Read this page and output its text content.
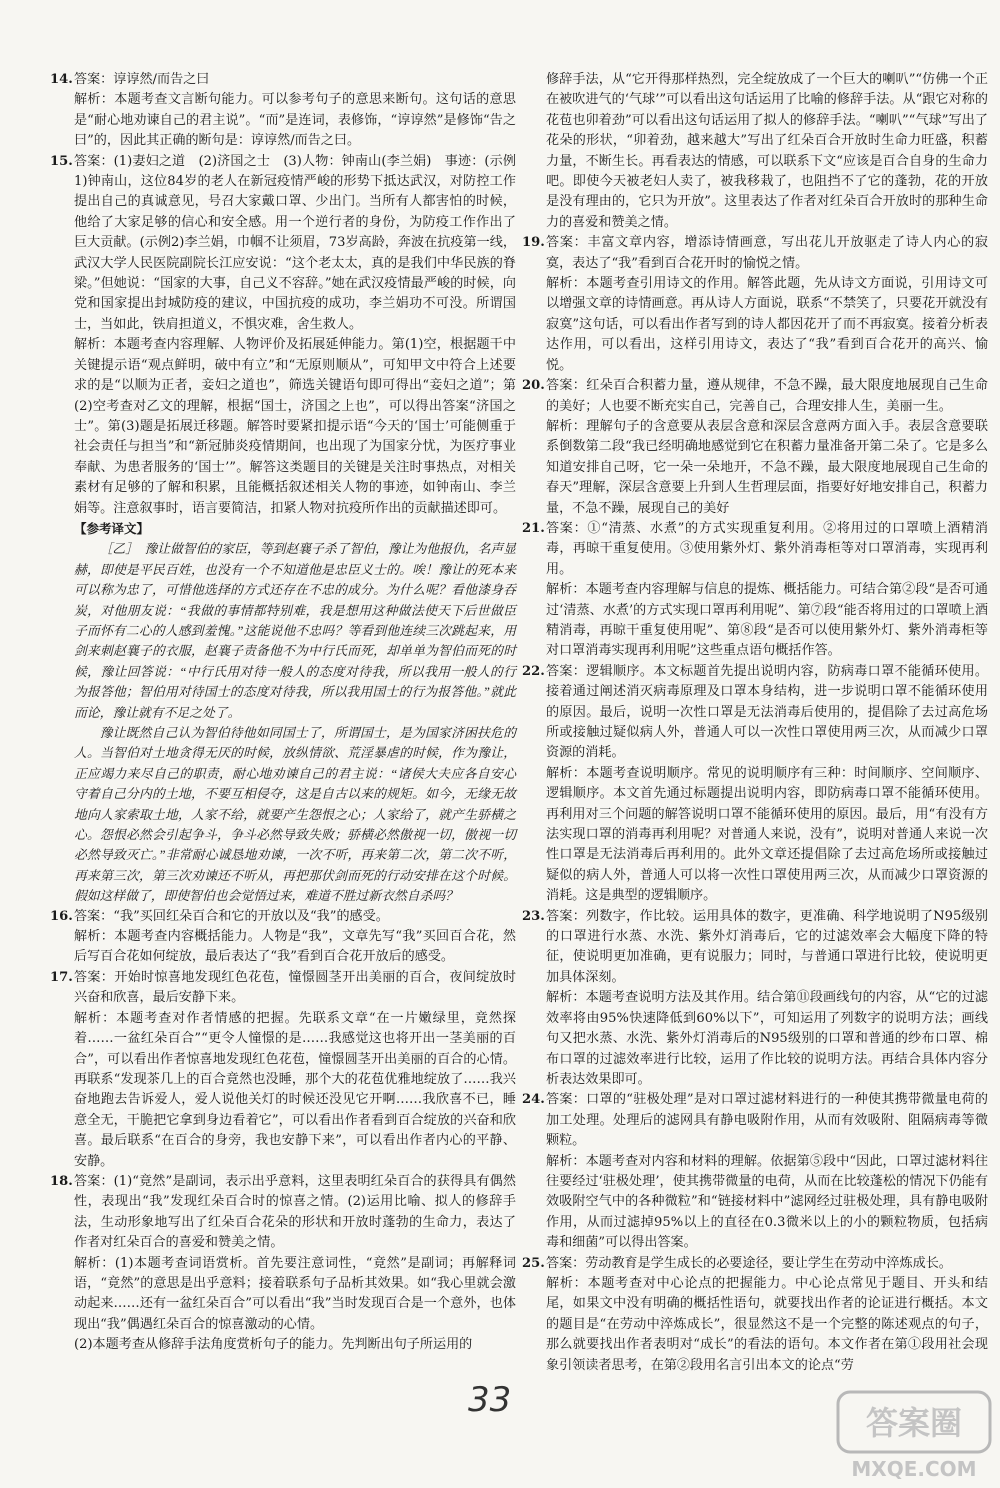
14. 答案：谆谆然/而告之曰

解析：本题考查文言断句能力。可以参考句子的意思来断句。这句话的意思是“耐心地劝谏自己的君主说”。“而”是连词，表修饰，“谆谆然”是修饰“告之曰”的，因此其正确的断句是：谆谆然/而告之曰。

15. 答案：(1)妻妇之道　(2)济国之士　(3)人物：钟南山(李兰娟)　事迹：(示例1)钟南山，这位84岁的老人在新冠疫情严峻的形势下抵达武汉，对防控工作提出自己的真诚意见，号召大家戴口罩、少出门。当所有人都害怕的时候，他给了大家足够的信心和安全感。用一个逆行者的身份，为防疫工作作出了巨大贡献。(示例2)李兰娟，巾帼不让须眉，73岁高龄，奔波在抗疫第一线，武汉大学人民医院副院长江应安说：“这个老太太，真的是我们中华民族的脊梁。”但她说：“国家的大事，自己义不容辞。”她在武汉疫情最严峻的时候，向党和国家提出封城防疫的建议，中国抗疫的成功，李兰娟功不可没。所谓国士，当如此，铁肩担道义，不惧灾难，舍生救人。

解析：本题考查内容理解、人物评价及拓展延伸能力。第(1)空，根据题干中关键提示语“观点鲜明，破中有立”和“无原则顺从”，可知甲文中符合上述要求的是“以顺为正者，妾妇之道也”，筛选关键语句即可得出“妾妇之道”；第(2)空考查对乙文的理解，根据“国士，济国之上也”，可以得出答案“济国之士”。第(3)题是拓展迁移题。解答时要紧扣提示语“今天的‘国士’可能侧重于社会责任与担当”和“新冠肺炎疫情期间，也出现了为国家分忧，为医疗事业奉献、为患者服务的‘国士’”。解答这类题目的关键是关注时事热点，对相关素材有足够的了解和积累，且能概括叙述相关人物的事迹，如钟南山、李兰娟等。注意叙事时，语言要简洁，扣紧人物对抗疫所作出的贡献描述即可。

【参考译文】

［乙］　豫让做智伯的家臣，等到赵襄子杀了智伯，豫让为他报仇，名声显赫，即使是平民百姓，也没有一个不知道他是忠臣义士的。唉！豫让的死本来可以称为忠了，可惜他选择的方式还存在不忠的成分。为什么呢？看他漆身吞炭，对他朋友说：“我做的事情都特别难，我是想用这种做法使天下后世做臣子而怀有二心的人感到羞愧。”这能说他不忠吗？等看到他连续三次跳起来，用剑来刺赵襄子的衣服，赵襄子责备他不为中行氏而死，却单单为智伯而死的时候，豫让回答说：“中行氏用对待一般人的态度对待我，所以我用一般人的行为报答他；智伯用对待国士的态度对待我，所以我用国士的行为报答他。”就此而论，豫让就有不足之处了。

豫让既然自己认为智伯待他如同国士了，所谓国士，是为国家济困扶危的人。当智伯对土地贪得无厌的时候，放纵情欲、荒淫暴虐的时候，作为豫让，正应竭力来尽自己的职责，耐心地劝谏自己的君主说：“诸侯大夫应各自安心守着自己分内的土地，不要互相侵夺，这是自古以来的规矩。如今，无缘无故地向人家索取土地，人家不给，就要产生怨恨之心；人家给了，就产生骄横之心。怨恨必然会引起争斗，争斗必然导致失败；骄横必然傲视一切，傲视一切必然导致灭亡。”非常耐心诚恳地劝谏，一次不听，再来第二次，第二次不听，再来第三次，第三次劝谏还不听从，再把那伏剑而死的行动安排在这个时候。假如这样做了，即使智伯也会觉悟过来，难道不胜过新衣然自杀吗？

16. 答案：“我”买回红朵百合和它的开放以及“我”的感受。

解析：本题考查内容概括能力。人物是“我”，文章先写“我”买回百合花，然后写百合花如何绽放，最后表达了“我”看到百合花开放后的感受。

17. 答案：开始时惊喜地发现红色花苞，憧憬圆茎开出美丽的百合，夜间绽放时兴奋和欣喜，最后安静下来。

解析：本题考查对作者情感的把握。先联系文章“在一片嫩绿里，竟然探着……一盆红朵百合”“更令人憧憬的是……我感觉这也将开出一茎美丽的百合”，可以看出作者惊喜地发现红色花苞，憧憬圆茎开出美丽的百合的心情。再联系“发现茶几上的百合竟然也没睡，那个大的花苞优雅地绽放了……我兴奋地跑去告诉爱人，爱人说他关灯的时候还没见它开啊……我欣喜不已，睡意全无，干脆把它拿到身边看着它”，可以看出作者看到百合绽放的兴奋和欣喜。最后联系“在百合的身旁，我也安静下来”，可以看出作者内心的平静、安静。

18. 答案：(1)“竟然”是副词，表示出乎意料，这里表明红朵百合的获得具有偶然性，表现出“我”发现红朵百合时的惊喜之情。(2)运用比喻、拟人的修辞手法，生动形象地写出了红朵百合花朵的形状和开放时蓬勃的生命力，表达了作者对红朵百合的喜爱和赞美之情。

解析：(1)本题考查词语赏析。首先要注意词性，“竟然”是副词；再解释词语，“竟然”的意思是出乎意料；接着联系句子品析其效果。如“我心里就会激动起来……还有一盆红朵百合”可以看出“我”当时发现百合是一个意外，也体现出“我”偶遇红朵百合的惊喜激动的心情。

(2)本题考查从修辞手法角度赏析句子的能力。先判断出句子所运用的

修辞手法，从“它开得那样热烈，完全绽放成了一个巨大的喇叭”“仿佛一个正在被吹进气的‘气球’”可以看出这句话运用了比喻的修辞手法。从“跟它对称的花苞也卯着劲”可以看出这句话运用了拟人的修辞手法。“喇叭”“气球”写出了花朵的形状，“卯着劲，越来越大”写出了红朵百合开放时生命力旺盛，积蓄力量，不断生长。再看表达的情感，可以联系下文“应该是百合自身的生命力吧。即使今天被老妇人卖了，被我移栽了，也阻挡不了它的蓬勃，花的开放是没有理由的，它只为开放”。这里表达了作者对红朵百合开放时的那种生命力的喜爱和赞美之情。

19. 答案：丰富文章内容，增添诗情画意，写出花儿开放驱走了诗人内心的寂寞，表达了“我”看到百合花开时的愉悦之情。

解析：本题考查引用诗文的作用。解答此题，先从诗文方面说，引用诗文可以增强文章的诗情画意。再从诗人方面说，联系“不禁笑了，只要花开就没有寂寞”这句话，可以看出作者写到的诗人都因花开了而不再寂寞。接着分析表达作用，可以看出，这样引用诗文，表达了“我”看到百合花开的高兴、愉悦。

20. 答案：红朵百合积蓄力量，遵从规律，不急不躁，最大限度地展现自己生命的美好；人也要不断充实自己，完善自己，合理安排人生，美丽一生。

解析：理解句子的含意要从表层含意和深层含意两方面入手。表层含意要联系倒数第二段“我已经明确地感觉到它在积蓄力量准备开第二朵了。它是多么知道安排自己呀，它一朵一朵地开，不急不躁，最大限度地展现自己生命的春天”理解，深层含意要上升到人生哲理层面，指要好好地安排自己，积蓄力量，不急不躁，展现自己的美好

21. 答案：①“清蒸、水煮”的方式实现重复利用。②将用过的口罩喷上酒精消毒，再晾干重复使用。③使用紫外灯、紫外消毒柜等对口罩消毒，实现再利用。

解析：本题考查内容理解与信息的提炼、概括能力。可结合第②段“是否可通过‘清蒸、水煮’的方式实现口罩再利用呢”、第⑦段“能否将用过的口罩喷上酒精消毒，再晾干重复使用呢”、第⑧段“是否可以使用紫外灯、紫外消毒柜等对口罩消毒实现再利用呢”这些重点语句概括作答。

22. 答案：逻辑顺序。本文标题首先提出说明内容，防病毒口罩不能循环使用。接着通过阐述消灭病毒原理及口罩本身结构，进一步说明口罩不能循环使用的原因。最后，说明一次性口罩是无法消毒后使用的，提倡除了去过高危场所或接触过疑似病人外，普通人可以一次性口罩使用两三次，从而减少口罩资源的消耗。

解析：本题考查说明顺序。常见的说明顺序有三种：时间顺序、空间顺序、逻辑顺序。本文首先通过标题提出说明内容，即防病毒口罩不能循环使用。再利用对三个问题的解答说明口罩不能循环使用的原因。最后，用“有没有方法实现口罩的消毒再利用呢？对普通人来说，没有”，说明对普通人来说一次性口罩是无法消毒后再利用的。此外文章还提倡除了去过高危场所或接触过疑似的病人外，普通人可以将一次性口罩使用两三次，从而减少口罩资源的消耗。这是典型的逻辑顺序。

23. 答案：列数字，作比较。运用具体的数字，更准确、科学地说明了N95级别的口罩进行水蒸、水洗、紫外灯消毒后，它的过滤效率会大幅度下降的特征，使说明更加准确，更有说服力；同时，与普通口罩进行比较，使说明更加具体深刻。

解析：本题考查说明方法及其作用。结合第⑪段画线句的内容，从“它的过滤效率将由95%快速降低到60%以下”，可知运用了列数字的说明方法；画线句又把水蒸、水洗、紫外灯消毒后的N95级别的口罩和普通的纱布口罩、棉布口罩的过滤效率进行比较，运用了作比较的说明方法。再结合具体内容分析表达效果即可。

24. 答案：口罩的“驻极处理”是对口罩过滤材料进行的一种使其携带微量电荷的加工处理。处理后的滤网具有静电吸附作用，从而有效吸附、阻隔病毒等微颗粒。

解析：本题考查对内容和材料的理解。依据第⑤段中“因此，口罩过滤材料往往要经过‘驻极处理’，使其携带微量的电荷，从而在比较蓬松的情况下仍能有效吸附空气中的各种微粒”和“链接材料中”滤网经过驻极处理，具有静电吸附作用，从而过滤掉95%以上的直径在0.3微米以上的小的颗粒物质，包括病毒和细菌”可以得出答案。

25. 答案：劳动教育是学生成长的必要途径，要让学生在劳动中淬炼成长。

解析：本题考查对中心论点的把握能力。中心论点常见于题目、开头和结尾，如果文中没有明确的概括性语句，就要找出作者的论证进行概括。本文的题目是“在劳动中淬炼成长”，很显然这不是一个完整的陈述观点的句子，那么就要找出作者表明对“成长”的看法的语句。本文作者在第①段用社会现象引领读者思考，在第②段用名言引出本文的论点“劳

33
答案圈
MXQE.COM
